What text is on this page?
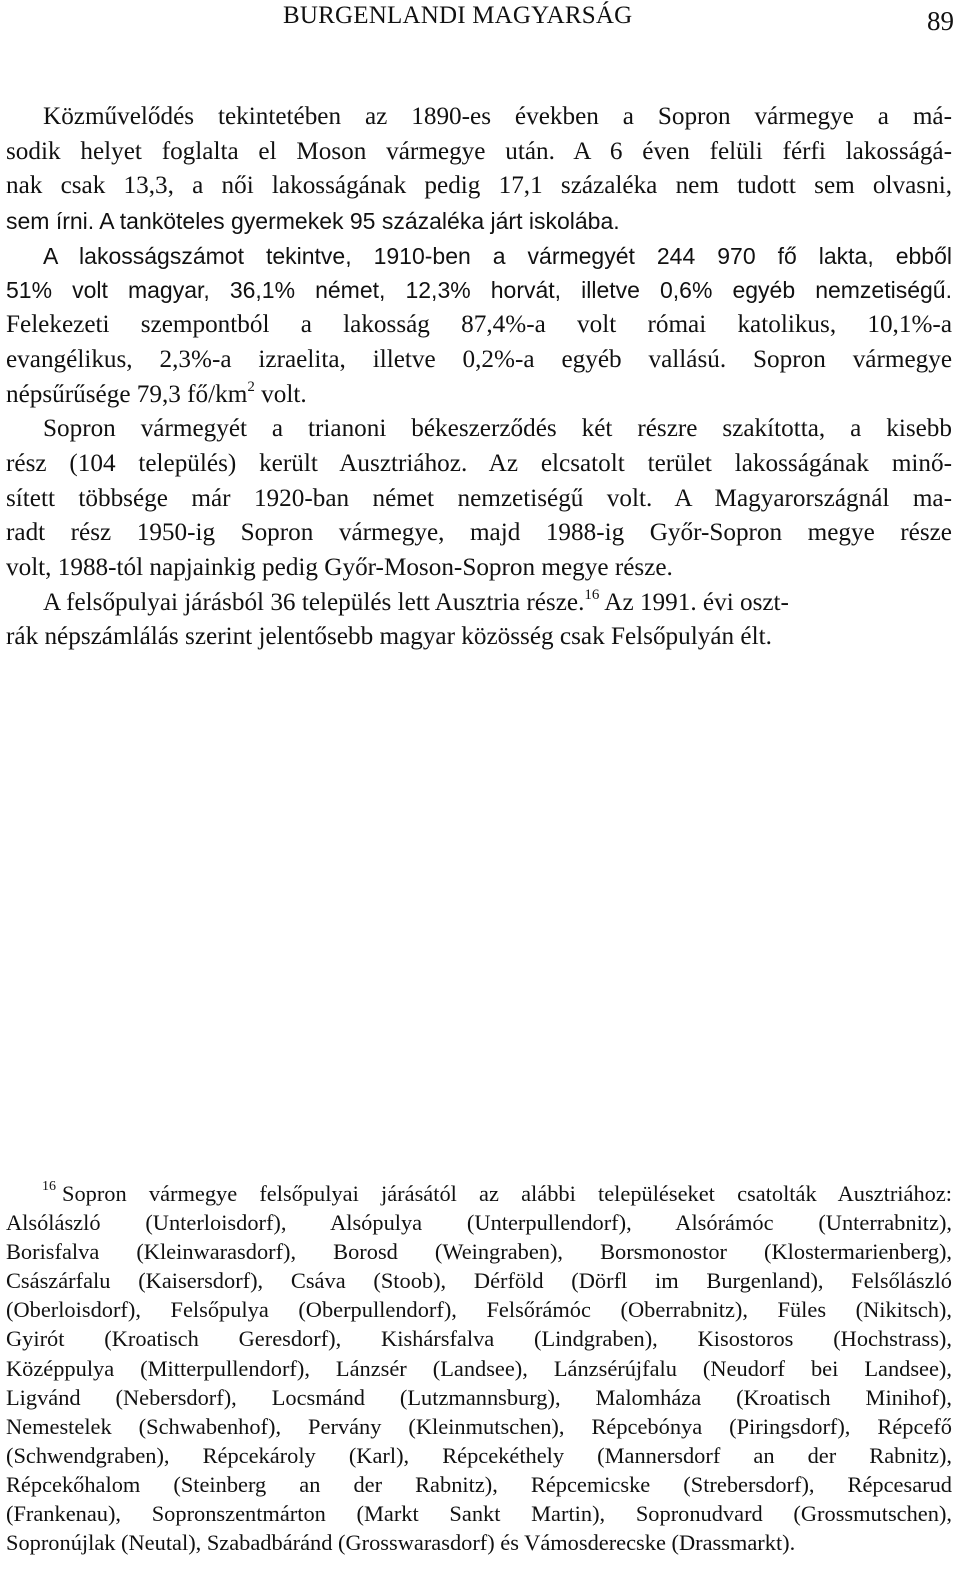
BURGENLANDI MAGYARSÁG	89
Közművelődés tekintetében az 1890-es években a Sopron vármegye a má-
sodik helyet foglalta el Moson vármegye után. A 6 éven felüli férfi lakosságá-
nak csak 13,3, a női lakosságának pedig 17,1 százaléka nem tudott sem olvasni,
sem írni. A tanköteles gyermekek 95 százaléka járt iskolába.
A lakosságszámot tekintve, 1910-ben a vármegyét 244 970 fő lakta, ebből
51% volt magyar, 36,1% német, 12,3% horvát, illetve 0,6% egyéb nemzetiségű.
Felekezeti szempontból a lakosság 87,4%-a volt római katolikus, 10,1%-a
evangélikus, 2,3%-a izraelita, illetve 0,2%-a egyéb vallású. Sopron vármegye
népsűrűsége 79,3 $fő/km^2$ volt.
Sopron vármegyét a trianoni békeszerződés két részre szakította, a kisebb
rész (104 település) került Ausztriához. Az elcsatolt terület lakosságának minő-
sített többsége már 1920-ban német nemzetiségű volt. A Magyarországnál ma-
radt rész 1950-ig Sopron vármegye, majd 1988-ig Győr-Sopron megye része
volt, 1988-tól napjainkig pedig Győr-Moson-Sopron megye része.
A felsőpulyai járásból 36 település lett Ausztria része.$^{16}$ Az 1991. évi oszt-
rák népszámlálás szerint jelentősebb magyar közösség csak Felsőpulyán élt.
$^{16}$ Sopron vármegye felsőpulyai járásától az alábbi településeket csatolták Ausztriához:
Alsólászló (Unterloisdorf), Alsópulya (Unterpullendorf), Alsórámóc (Unterrabnitz),
Borisfalva (Kleinwarasdorf), Borosd (Weingraben), Borsmonostor (Klostermarienberg),
Császárfalu (Kaisersdorf), Csáva (Stoob), Dérföld (Dörfl im Burgenland), Felsőlászló
(Oberloisdorf), Felsőpulya (Oberpullendorf), Felsőrámóc (Oberrabnitz), Füles (Nikitsch),
Gyirót (Kroatisch Geresdorf), Kishársfalva (Lindgraben), Kisostoros (Hochstrass),
Középpulya (Mitterpullendorf), Lánzsér (Landsee), Lánzsérújfalu (Neudorf bei Landsee),
Ligvánd (Nebersdorf), Locsmánd (Lutzmannsburg), Malomháza (Kroatisch Minihof),
Nemestelek (Schwabenhof), Pervány (Kleinmutschen), Répcebónya (Piringsdorf), Répcefő
(Schwendgraben), Répcekároly (Karl), Répcekéthely (Mannersdorf an der Rabnitz),
Répcekőhalom (Steinberg an der Rabnitz), Répcemicske (Strebersdorf), Répcesarud
(Frankenau), Sopronszentmárton (Markt Sankt Martin), Sopronudvard (Grossmutschen),
Sopronújlak (Neutal), Szabadbáránd (Grosswarasdorf) és Vámosderecske (Drassmarkt).
